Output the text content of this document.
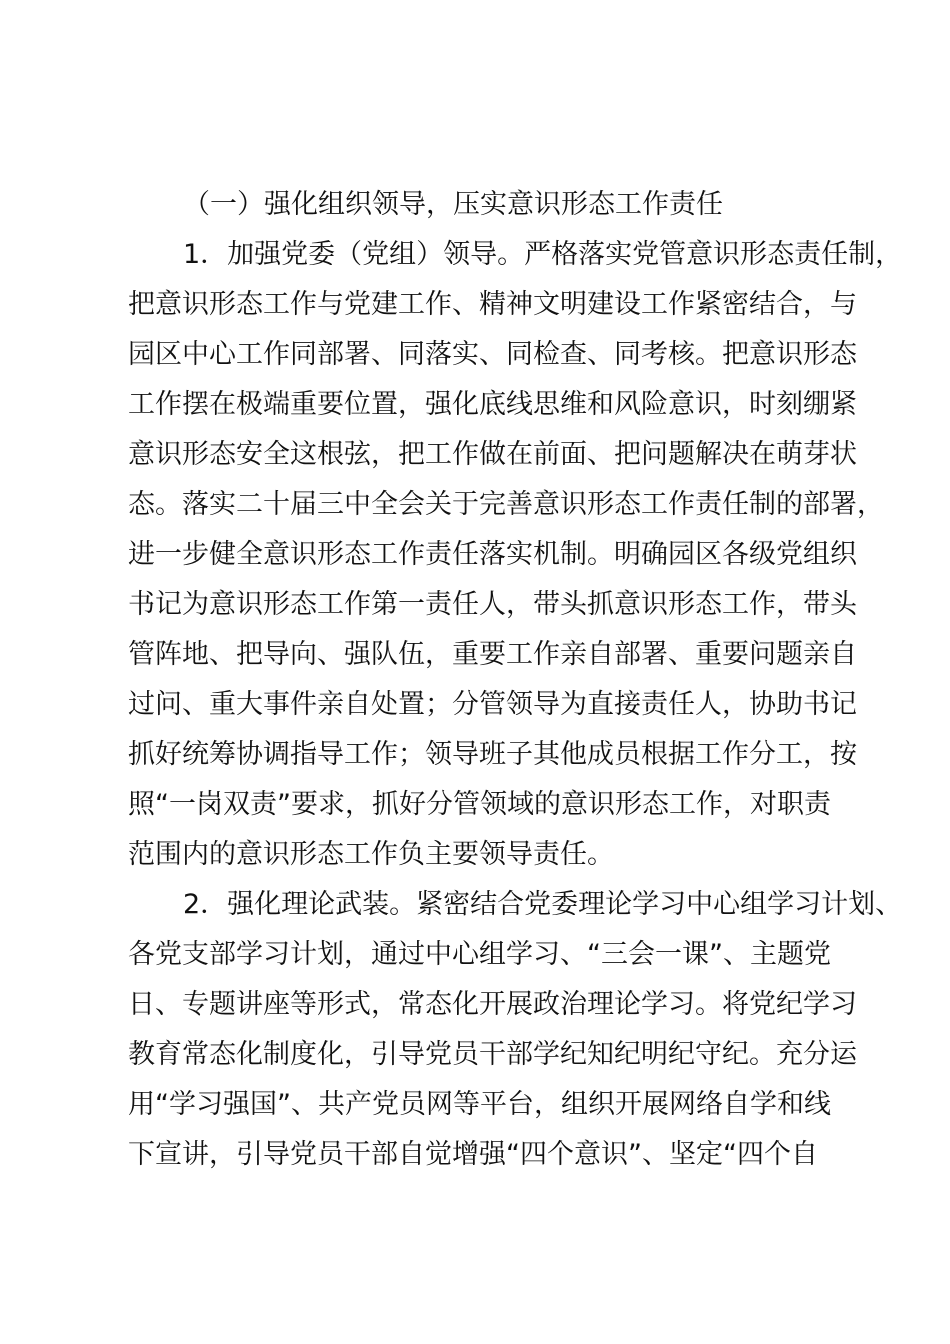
（一）强化组织领导，压实意识形态工作责任
1．加强党委（党组）领导。严格落实党管意识形态责任制，
把意识形态工作与党建工作、精神文明建设工作紧密结合，与
园区中心工作同部署、同落实、同检查、同考核。把意识形态
工作摆在极端重要位置，强化底线思维和风险意识，时刻绷紧
意识形态安全这根弦，把工作做在前面、把问题解决在萌芽状
态。落实二十届三中全会关于完善意识形态工作责任制的部署，
进一步健全意识形态工作责任落实机制。明确园区各级党组织
书记为意识形态工作第一责任人，带头抓意识形态工作，带头
管阵地、把导向、强队伍，重要工作亲自部署、重要问题亲自
过问、重大事件亲自处置；分管领导为直接责任人，协助书记
抓好统筹协调指导工作；领导班子其他成员根据工作分工，按
照“一岗双责”要求，抓好分管领域的意识形态工作，对职责
范围内的意识形态工作负主要领导责任。
2．强化理论武装。紧密结合党委理论学习中心组学习计划、
各党支部学习计划，通过中心组学习、“三会一课”、主题党
日、专题讲座等形式，常态化开展政治理论学习。将党纪学习
教育常态化制度化，引导党员干部学纪知纪明纪守纪。充分运
用“学习强国”、共产党员网等平台，组织开展网络自学和线
下宣讲，引导党员干部自觉增强“四个意识”、坚定“四个自
